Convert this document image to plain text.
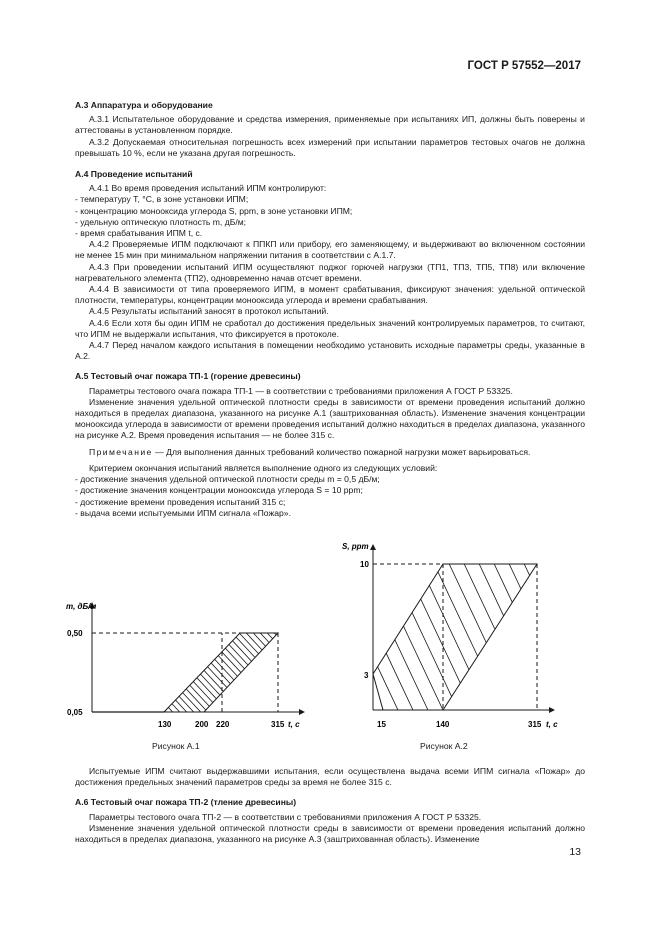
ГОСТ Р 57552—2017
А.3 Аппаратура и оборудование

А.3.1 Испытательное оборудование и средства измерения, применяемые при испытаниях ИП, должны быть поверены и аттестованы в установленном порядке.

А.3.2 Допускаемая относительная погрешность всех измерений при испытании параметров тестовых очагов не должна превышать 10 %, если не указана другая погрешность.

А.4 Проведение испытаний

А.4.1 Во время проведения испытаний ИПМ контролируют:

- температуру T, °С, в зоне установки ИПМ;

- концентрацию монооксида углерода S, ppm, в зоне установки ИПМ;

- удельную оптическую плотность m, дБ/м;

- время срабатывания ИПМ t, с.

А.4.2 Проверяемые ИПМ подключают к ППКП или прибору, его заменяющему, и выдерживают во включенном состоянии не менее 15 мин при минимальном напряжении питания в соответствии с А.1.7.

А.4.3 При проведении испытаний ИПМ осуществляют поджог горючей нагрузки (ТП1, ТП3, ТП5, ТП8) или включение нагревательного элемента (ТП2), одновременно начав отсчет времени.

А.4.4 В зависимости от типа проверяемого ИПМ, в момент срабатывания, фиксируют значения: удельной оптической плотности, температуры, концентрации монооксида углерода и времени срабатывания.

А.4.5 Результаты испытаний заносят в протокол испытаний.

А.4.6 Если хотя бы один ИПМ не сработал до достижения предельных значений контролируемых параметров, то считают, что ИПМ не выдержали испытания, что фиксируется в протоколе.

А.4.7 Перед началом каждого испытания в помещении необходимо установить исходные параметры среды, указанные в А.2.

А.5 Тестовый очаг пожара ТП-1 (горение древесины)

Параметры тестового очага пожара ТП-1 — в соответствии с требованиями приложения А ГОСТ Р 53325.

Изменение значения удельной оптической плотности среды в зависимости от времени проведения испытаний должно находиться в пределах диапазона, указанного на рисунке А.1 (заштрихованная область). Изменение значения концентрации монооксида углерода в зависимости от времени проведения испытаний должно находиться в пределах диапазона, указанного на рисунке А.2. Время проведения испытания — не более 315 с.

Примечание — Для выполнения данных требований количество пожарной нагрузки может варьироваться.

Критерием окончания испытаний является выполнение одного из следующих условий:

- достижение значения удельной оптической плотности среды m = 0,5 дБ/м;

- достижение значения концентрации монооксида углерода S = 10 ppm;

- достижение времени проведения испытаний 315 с;

- выдача всеми испытуемыми ИПМ сигнала «Пожар».

m, дБ/м
0,50
0,05
130	200 220	315 t, с
S, ppm
10
3
15	140	315 t, с
Рисунок А.1	Рисунок А.2

Испытуемые ИПМ считают выдержавшими испытания, если осуществлена выдача всеми ИПМ сигнала «Пожар» до достижения предельных значений параметров среды за время не более 315 с.

А.6 Тестовый очаг пожара ТП-2 (тление древесины)

Параметры тестового очага ТП-2 — в соответствии с требованиями приложения А ГОСТ Р 53325.

Изменение значения удельной оптической плотности среды в зависимости от времени проведения испытаний должно находиться в пределах диапазона, указанного на рисунке А.3 (заштрихованная область). Изменение

13
